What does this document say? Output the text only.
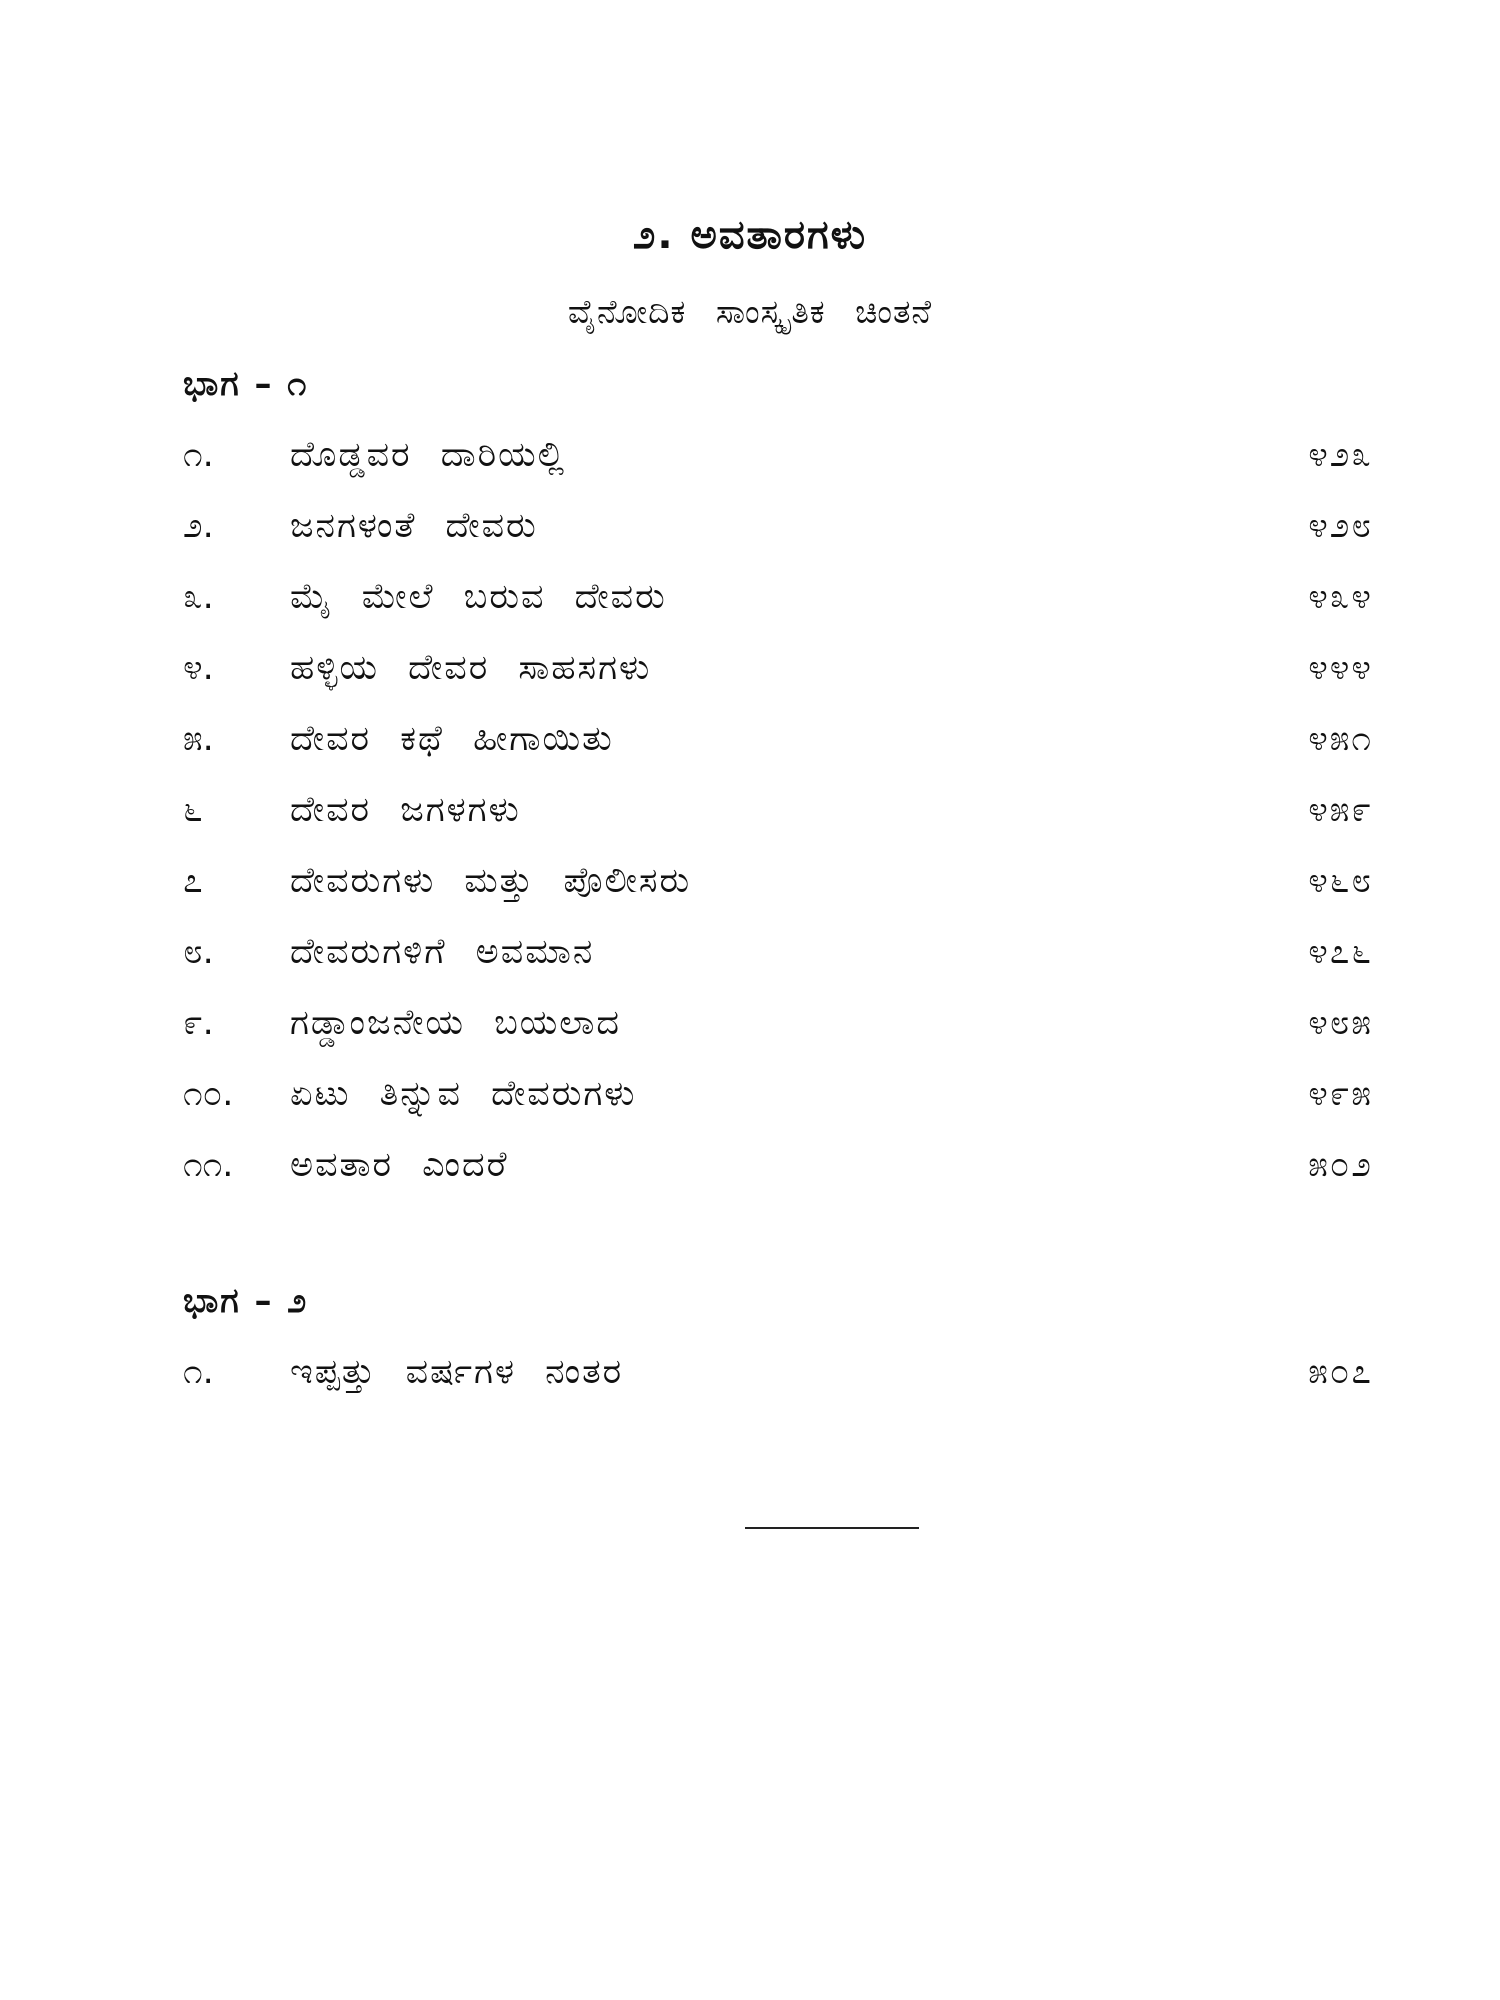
೨. ಅವತಾರಗಳು
ವೈನೋದಿಕ ಸಾಂಸ್ಕೃತಿಕ ಚಿಂತನೆ
ಭಾಗ – ೧
೧.	ದೊಡ್ಡವರ ದಾರಿಯಲ್ಲಿ	೪೨೩
೨.	ಜನಗಳಂತೆ ದೇವರು	೪೨೮
೩.	ಮೈ ಮೇಲೆ ಬರುವ ದೇವರು	೪೩೪
೪.	ಹಳ್ಳಿಯ ದೇವರ ಸಾಹಸಗಳು	೪೪೪
೫.	ದೇವರ ಕಥೆ ಹೀಗಾಯಿತು	೪೫೧
೬	ದೇವರ ಜಗಳಗಳು	೪೫೯
೭	ದೇವರುಗಳು ಮತ್ತು ಪೊಲೀಸರು	೪೬೮
೮.	ದೇವರುಗಳಿಗೆ ಅವಮಾನ	೪೭೬
೯.	ಗಡ್ಡಾಂಜನೇಯ ಬಯಲಾದ	೪೮೫
೧೦.	ಏಟು ತಿನ್ನುವ ದೇವರುಗಳು	೪೯೫
೧೧.	ಅವತಾರ ಎಂದರೆ	೫೦೨
ಭಾಗ – ೨
೧.	ಇಪ್ಪತ್ತು ವರ್ಷಗಳ ನಂತರ	೫೦೭
